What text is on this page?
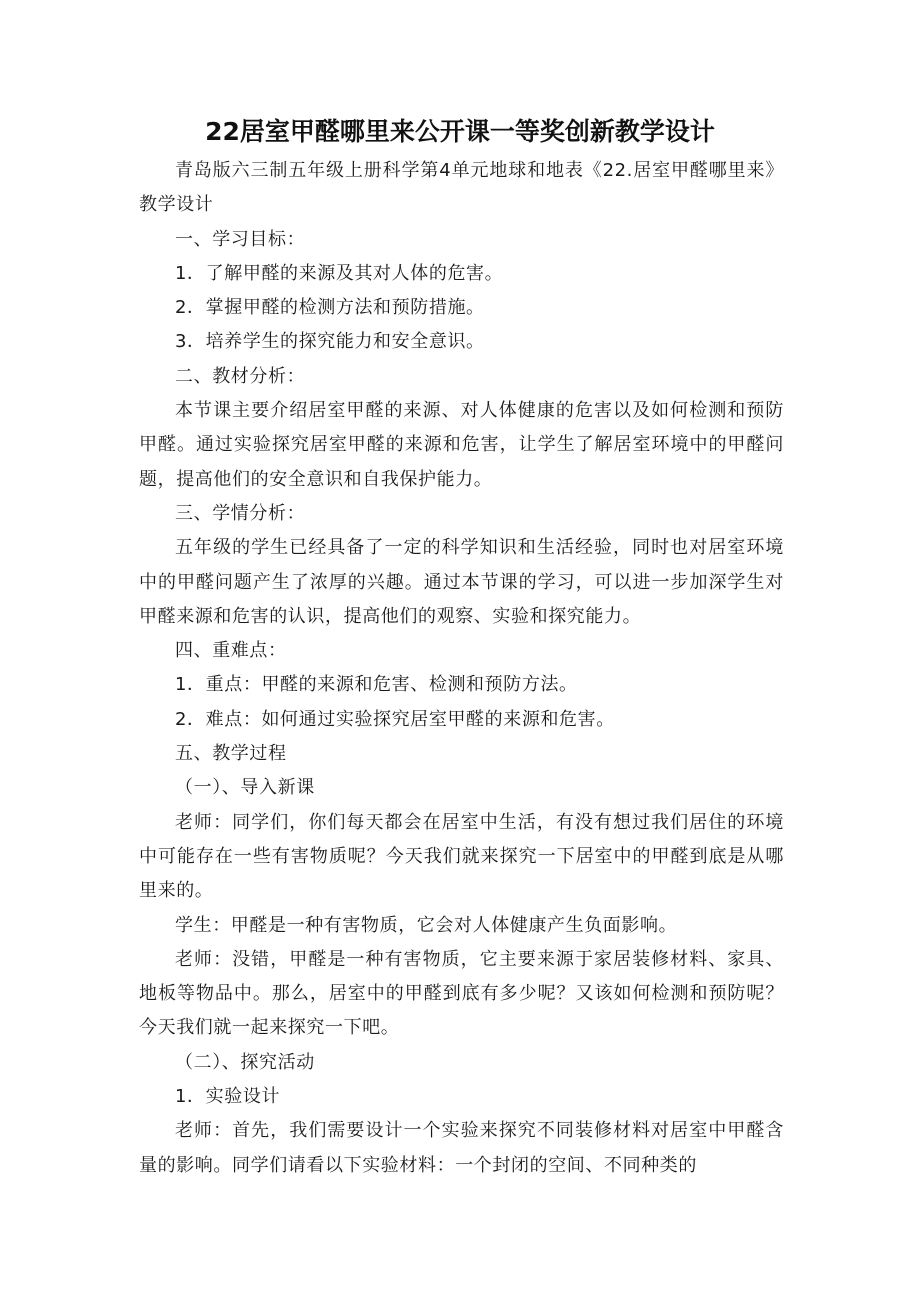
22居室甲醛哪里来公开课一等奖创新教学设计

青岛版六三制五年级上册科学第4单元地球和地表《22.居室甲醛哪里来》教学设计

一、学习目标：

1．了解甲醛的来源及其对人体的危害。

2．掌握甲醛的检测方法和预防措施。

3．培养学生的探究能力和安全意识。

二、教材分析：

本节课主要介绍居室甲醛的来源、对人体健康的危害以及如何检测和预防甲醛。通过实验探究居室甲醛的来源和危害，让学生了解居室环境中的甲醛问题，提高他们的安全意识和自我保护能力。

三、学情分析：

五年级的学生已经具备了一定的科学知识和生活经验，同时也对居室环境中的甲醛问题产生了浓厚的兴趣。通过本节课的学习，可以进一步加深学生对甲醛来源和危害的认识，提高他们的观察、实验和探究能力。

四、重难点：

1．重点：甲醛的来源和危害、检测和预防方法。

2．难点：如何通过实验探究居室甲醛的来源和危害。

五、教学过程

（一）、导入新课

老师：同学们，你们每天都会在居室中生活，有没有想过我们居住的环境中可能存在一些有害物质呢？今天我们就来探究一下居室中的甲醛到底是从哪里来的。

学生：甲醛是一种有害物质，它会对人体健康产生负面影响。

老师：没错，甲醛是一种有害物质，它主要来源于家居装修材料、家具、地板等物品中。那么，居室中的甲醛到底有多少呢？又该如何检测和预防呢？今天我们就一起来探究一下吧。

（二）、探究活动

1．实验设计

老师：首先，我们需要设计一个实验来探究不同装修材料对居室中甲醛含量的影响。同学们请看以下实验材料：一个封闭的空间、不同种类的
